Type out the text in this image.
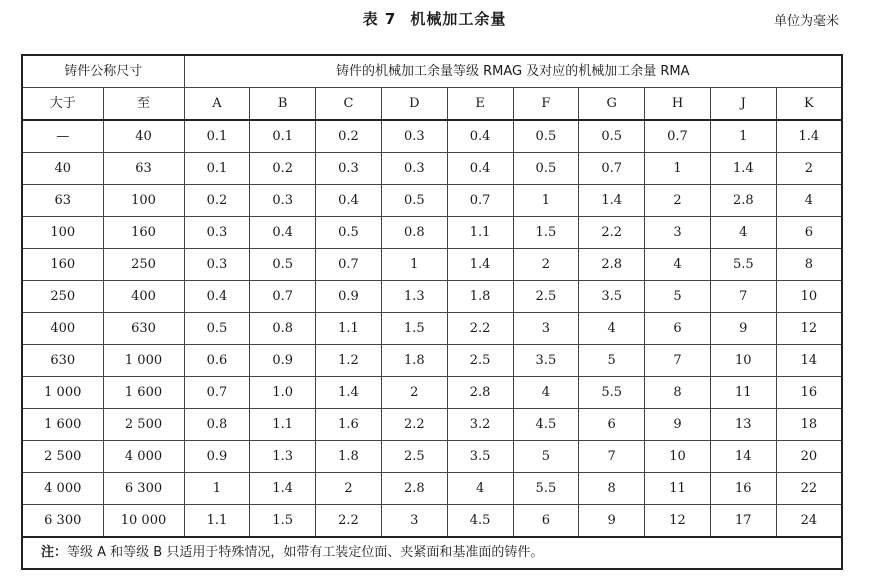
表 7 机械加工余量	单位为毫米
铸件公称尺寸		铸件的机械加工余量等级 RMAG 及对应的机械加工余量 RMA									
大于	至	A	B	C	D	E	F	G	H	J	K
—	40	0.1	0.1	0.2	0.3	0.4	0.5	0.5	0.7	1	1.4
40	63	0.1	0.2	0.3	0.3	0.4	0.5	0.7	1	1.4	2
63	100	0.2	0.3	0.4	0.5	0.7	1	1.4	2	2.8	4
100	160	0.3	0.4	0.5	0.8	1.1	1.5	2.2	3	4	6
160	250	0.3	0.5	0.7	1	1.4	2	2.8	4	5.5	8
250	400	0.4	0.7	0.9	1.3	1.8	2.5	3.5	5	7	10
400	630	0.5	0.8	1.1	1.5	2.2	3	4	6	9	12
630	1 000	0.6	0.9	1.2	1.8	2.5	3.5	5	7	10	14
1 000	1 600	0.7	1.0	1.4	2	2.8	4	5.5	8	11	16
1 600	2 500	0.8	1.1	1.6	2.2	3.2	4.5	6	9	13	18
2 500	4 000	0.9	1.3	1.8	2.5	3.5	5	7	10	14	20
4 000	6 300	1	1.4	2	2.8	4	5.5	8	11	16	22
6 300	10 000	1.1	1.5	2.2	3	4.5	6	9	12	17	24
注：等级 A 和等级 B 只适用于特殊情况，如带有工装定位面、夹紧面和基准面的铸件。											
